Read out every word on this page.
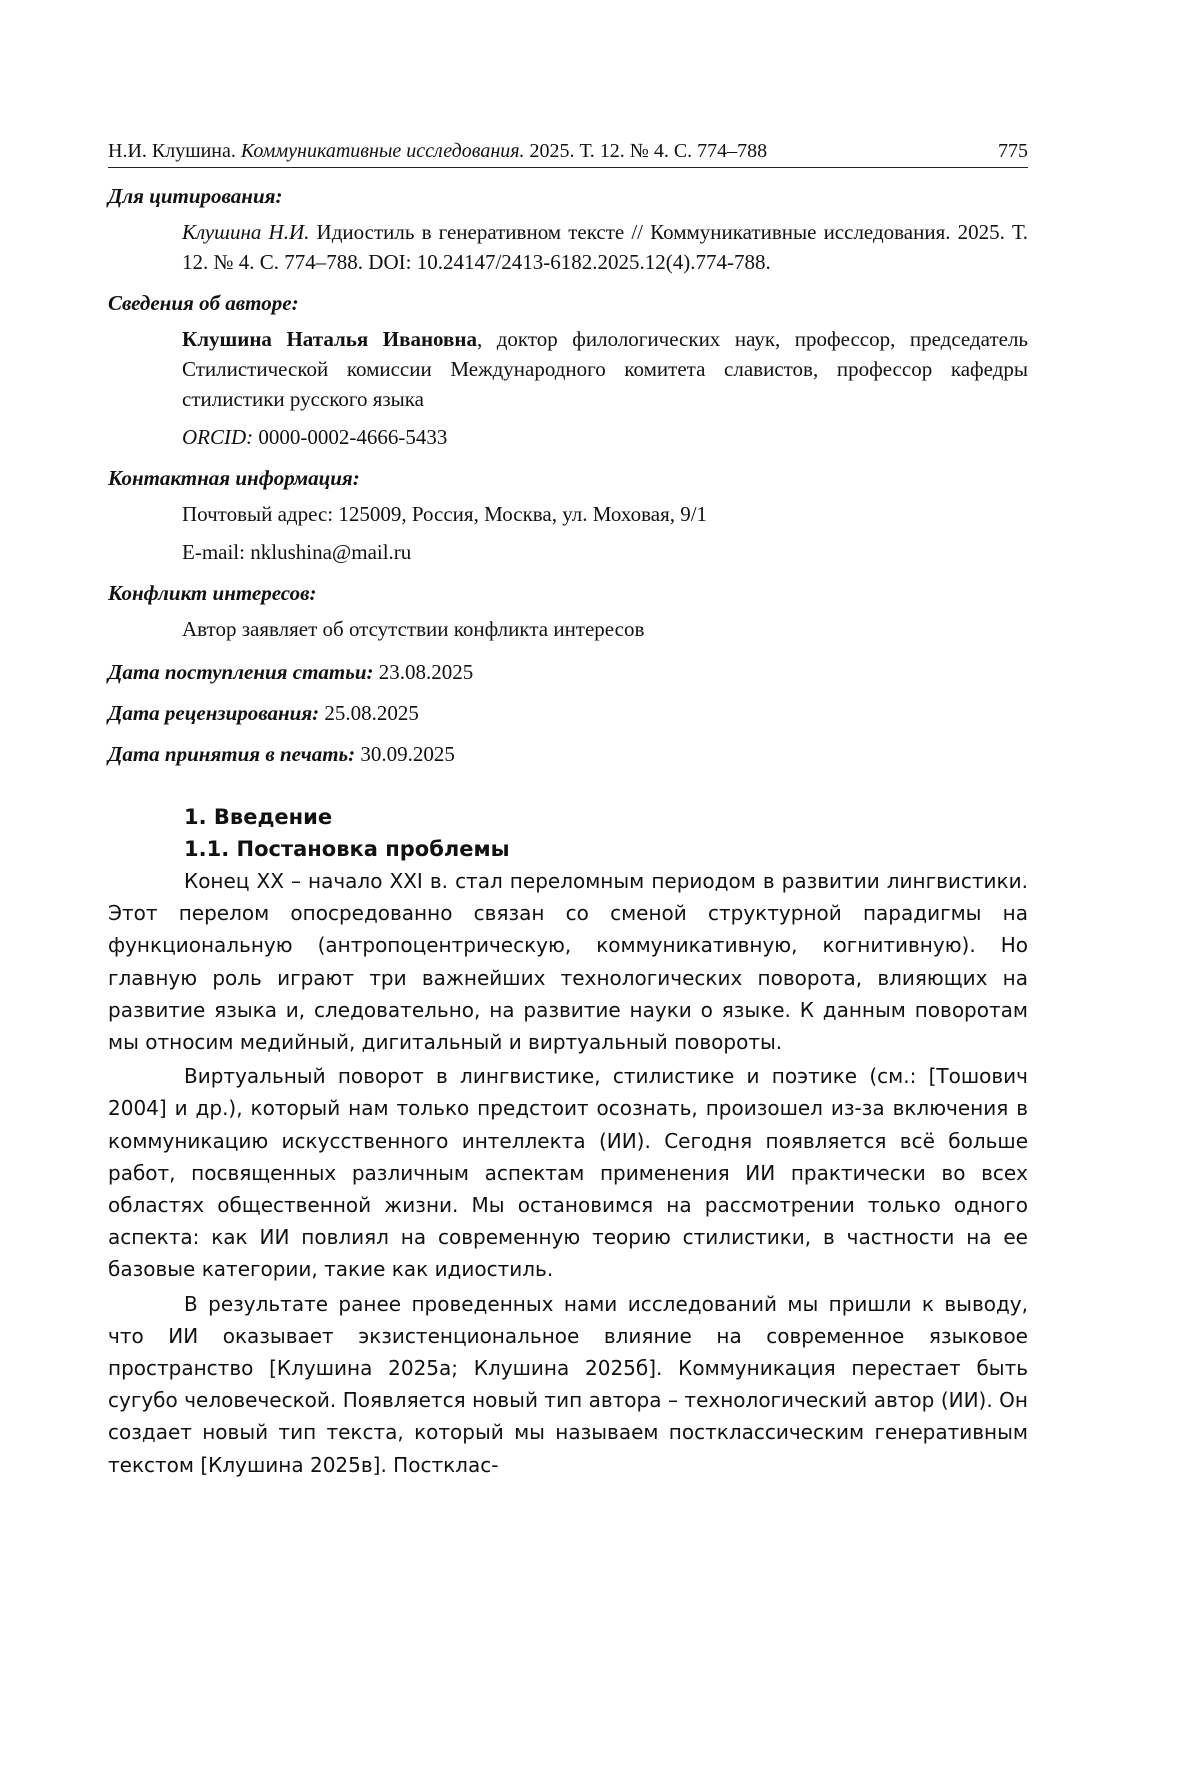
Н.И. Клушина. Коммуникативные исследования. 2025. Т. 12. № 4. С. 774–788	775
Для цитирования:
Клушина Н.И. Идиостиль в генеративном тексте // Коммуникативные исследования. 2025. Т. 12. № 4. С. 774–788. DOI: 10.24147/2413-6182.2025.12(4).774-788.
Сведения об авторе:
Клушина Наталья Ивановна, доктор филологических наук, профессор, председатель Стилистической комиссии Международного комитета славистов, профессор кафедры стилистики русского языка
ORCID: 0000-0002-4666-5433
Контактная информация:
Почтовый адрес: 125009, Россия, Москва, ул. Моховая, 9/1
E-mail: nklushina@mail.ru
Конфликт интересов:
Автор заявляет об отсутствии конфликта интересов
Дата поступления статьи: 23.08.2025
Дата рецензирования: 25.08.2025
Дата принятия в печать: 30.09.2025
1. Введение
1.1. Постановка проблемы

Конец XX – начало XXI в. стал переломным периодом в развитии лингвистики. Этот перелом опосредованно связан со сменой структурной парадигмы на функциональную (антропоцентрическую, коммуникативную, когнитивную). Но главную роль играют три важнейших технологических поворота, влияющих на развитие языка и, следовательно, на развитие науки о языке. К данным поворотам мы относим медийный, дигитальный и виртуальный повороты.

Виртуальный поворот в лингвистике, стилистике и поэтике (см.: [Тошович 2004] и др.), который нам только предстоит осознать, произошел из-за включения в коммуникацию искусственного интеллекта (ИИ). Сегодня появляется всё больше работ, посвященных различным аспектам применения ИИ практически во всех областях общественной жизни. Мы остановимся на рассмотрении только одного аспекта: как ИИ повлиял на современную теорию стилистики, в частности на ее базовые категории, такие как идиостиль.

В результате ранее проведенных нами исследований мы пришли к выводу, что ИИ оказывает экзистенциональное влияние на современное языковое пространство [Клушина 2025а; Клушина 2025б]. Коммуникация перестает быть сугубо человеческой. Появляется новый тип автора – технологический автор (ИИ). Он создает новый тип текста, который мы называем постклассическим генеративным текстом [Клушина 2025в]. Постклас-
